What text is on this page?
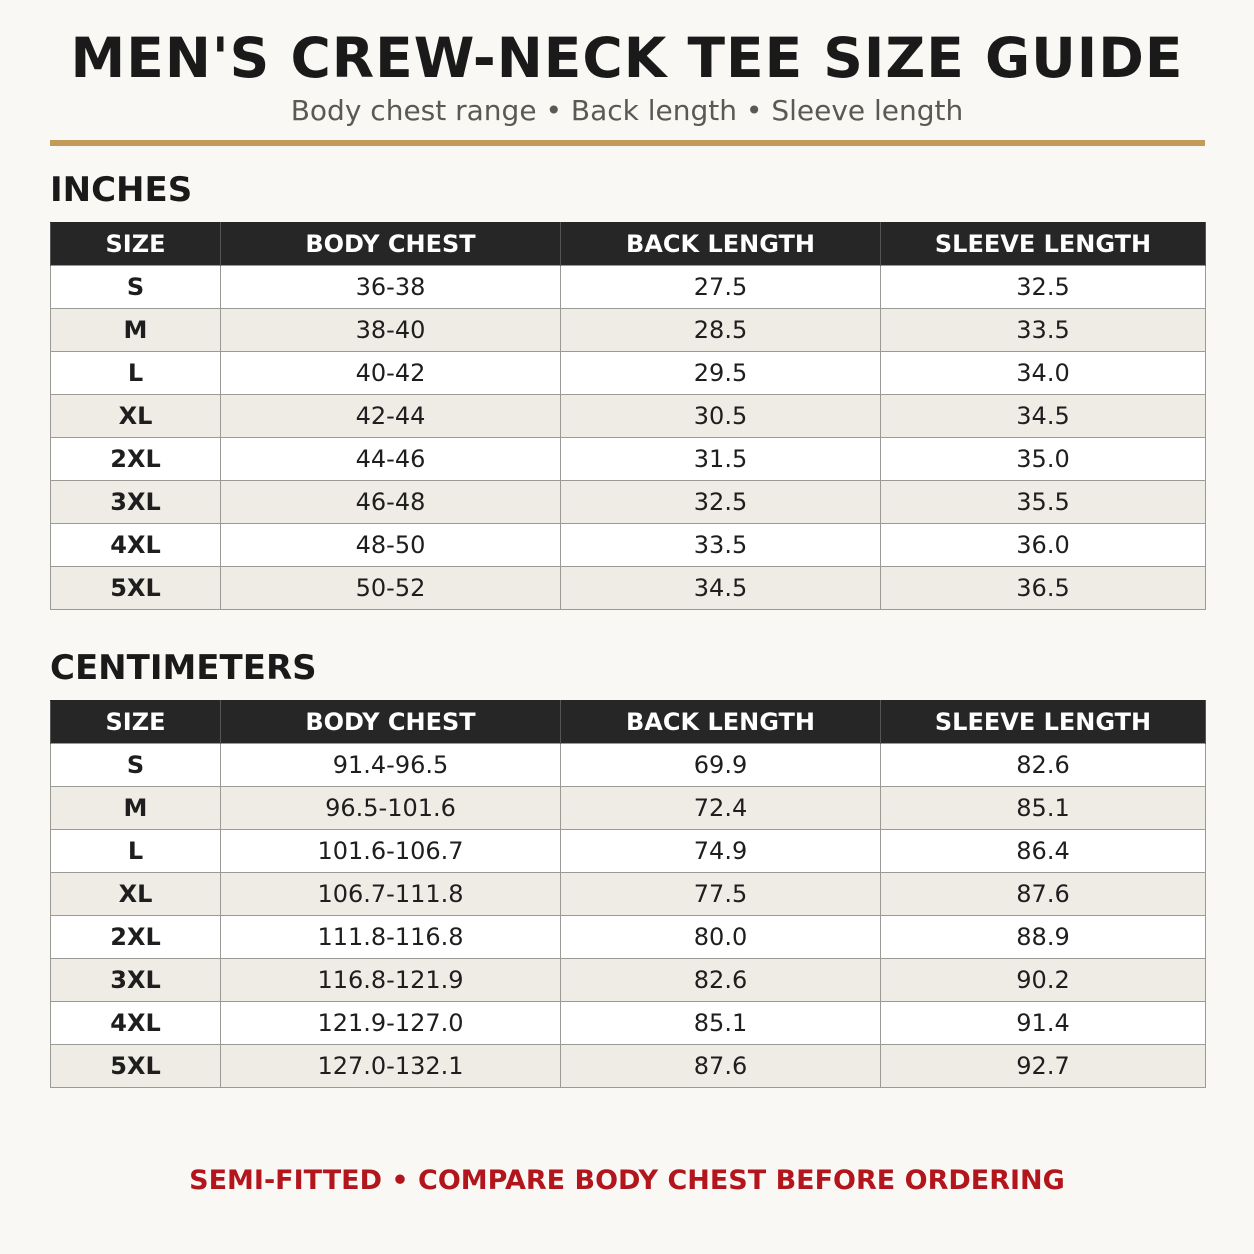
MEN'S CREW-NECK TEE SIZE GUIDE
Body chest range • Back length • Sleeve length
INCHES
SIZE	BODY CHEST	BACK LENGTH	SLEEVE LENGTH
S	36-38	27.5	32.5
M	38-40	28.5	33.5
L	40-42	29.5	34.0
XL	42-44	30.5	34.5
2XL	44-46	31.5	35.0
3XL	46-48	32.5	35.5
4XL	48-50	33.5	36.0
5XL	50-52	34.5	36.5
CENTIMETERS
SIZE	BODY CHEST	BACK LENGTH	SLEEVE LENGTH
S	91.4-96.5	69.9	82.6
M	96.5-101.6	72.4	85.1
L	101.6-106.7	74.9	86.4
XL	106.7-111.8	77.5	87.6
2XL	111.8-116.8	80.0	88.9
3XL	116.8-121.9	82.6	90.2
4XL	121.9-127.0	85.1	91.4
5XL	127.0-132.1	87.6	92.7
SEMI-FITTED • COMPARE BODY CHEST BEFORE ORDERING
